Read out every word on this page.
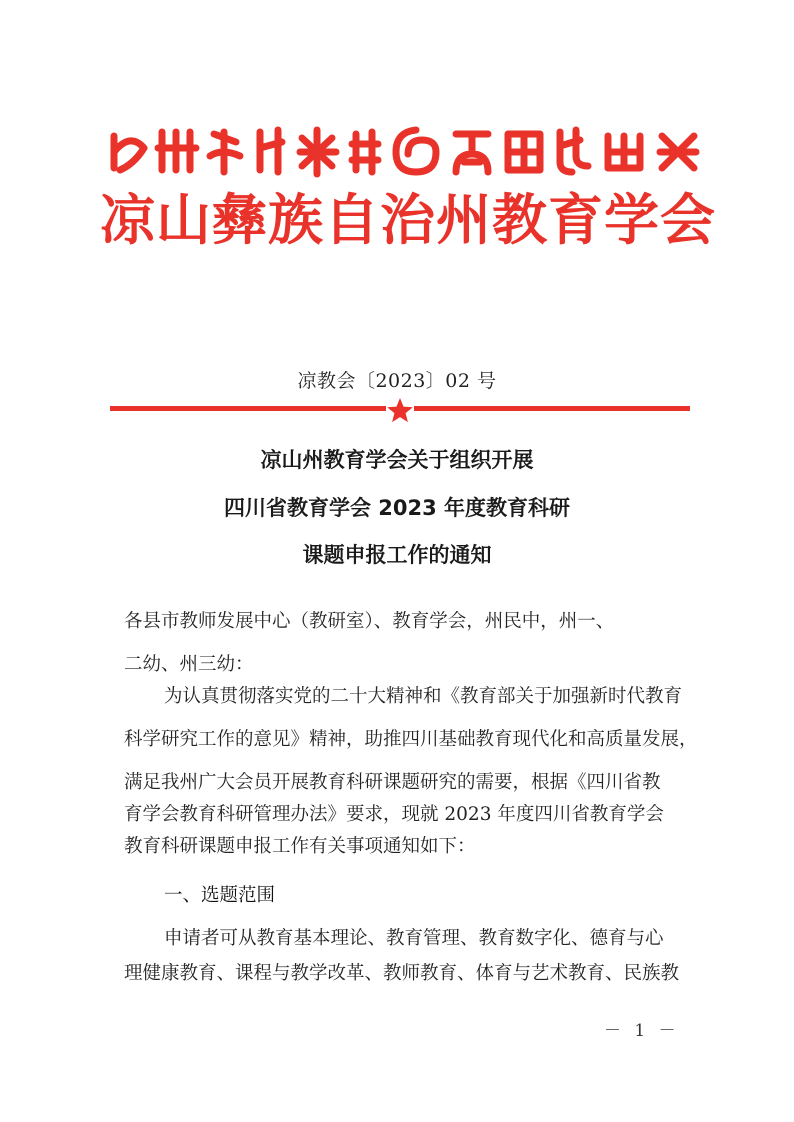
凉山彝族自治州教育学会
凉教会〔2023〕02 号
凉山州教育学会关于组织开展
四川省教育学会 2023 年度教育科研
课题申报工作的通知
各县市教师发展中心（教研室）、教育学会，州民中，州一、
二幼、州三幼：
为认真贯彻落实党的二十大精神和《教育部关于加强新时代教育
科学研究工作的意见》精神，助推四川基础教育现代化和高质量发展，
满足我州广大会员开展教育科研课题研究的需要，根据《四川省教
育学会教育科研管理办法》要求，现就 2023 年度四川省教育学会
教育科研课题申报工作有关事项通知如下：
一、选题范围
申请者可从教育基本理论、教育管理、教育数字化、德育与心
理健康教育、课程与教学改革、教师教育、体育与艺术教育、民族教
－ 1 －
